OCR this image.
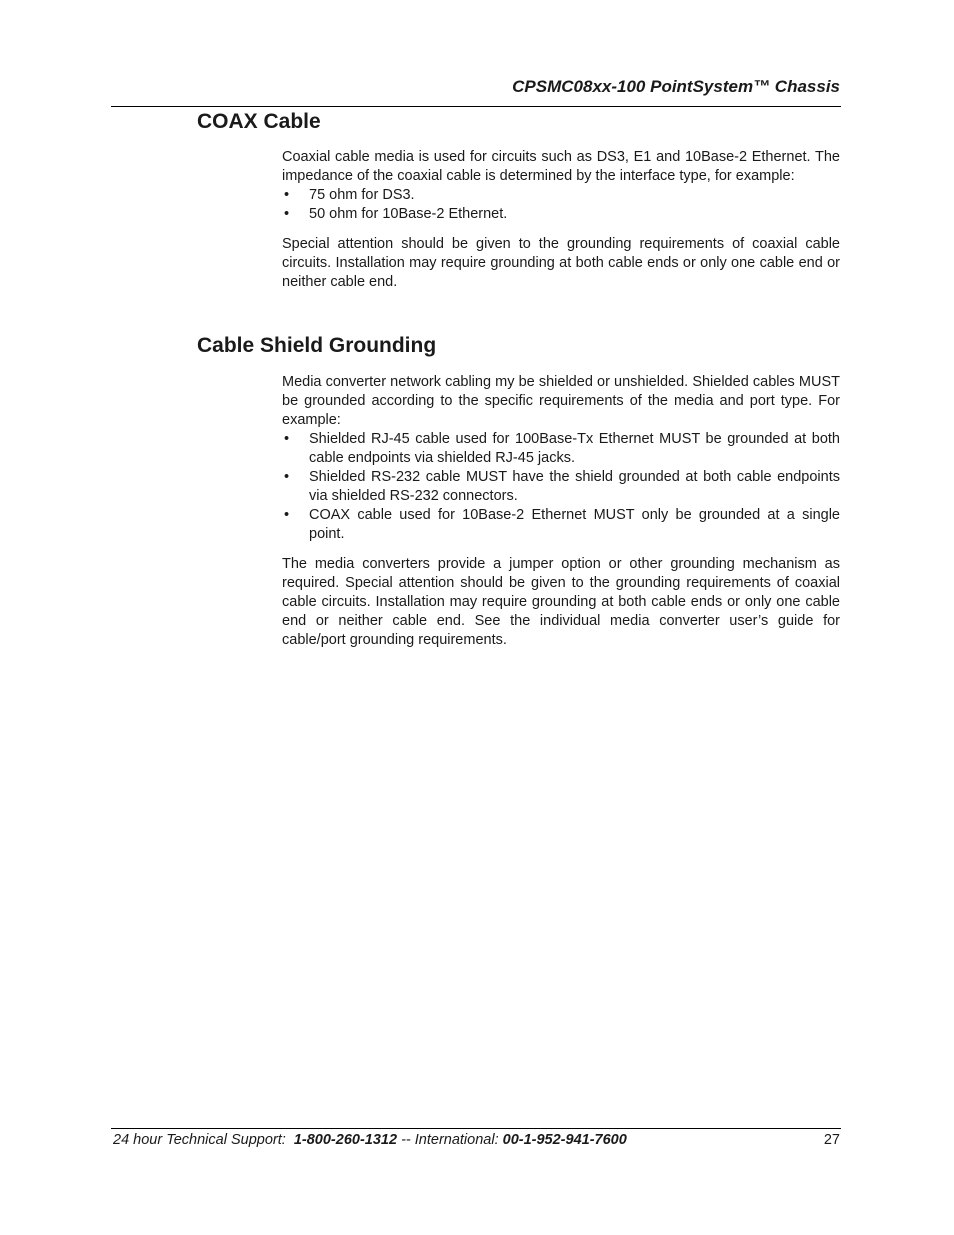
CPSMC08xx-100 PointSystem™ Chassis
COAX Cable

Coaxial cable media is used for circuits such as DS3, E1 and 10Base-2 Ethernet. The impedance of the coaxial cable is determined by the interface type, for example:

• 75 ohm for DS3.
• 50 ohm for 10Base-2 Ethernet.

Special attention should be given to the grounding requirements of coaxial cable circuits. Installation may require grounding at both cable ends or only one cable end or neither cable end.

Cable Shield Grounding

Media converter network cabling my be shielded or unshielded. Shielded cables MUST be grounded according to the specific requirements of the media and port type. For example:

• Shielded RJ-45 cable used for 100Base-Tx Ethernet MUST be grounded at both cable endpoints via shielded RJ-45 jacks.
• Shielded RS-232 cable MUST have the shield grounded at both cable endpoints via shielded RS-232 connectors.
• COAX cable used for 10Base-2 Ethernet MUST only be grounded at a single point.

The media converters provide a jumper option or other grounding mechanism as required. Special attention should be given to the grounding requirements of coaxial cable circuits. Installation may require grounding at both cable ends or only one cable end or neither cable end. See the individual media converter user’s guide for cable/port grounding requirements.

24 hour Technical Support: 1-800-260-1312 -- International: 00-1-952-941-7600	27
